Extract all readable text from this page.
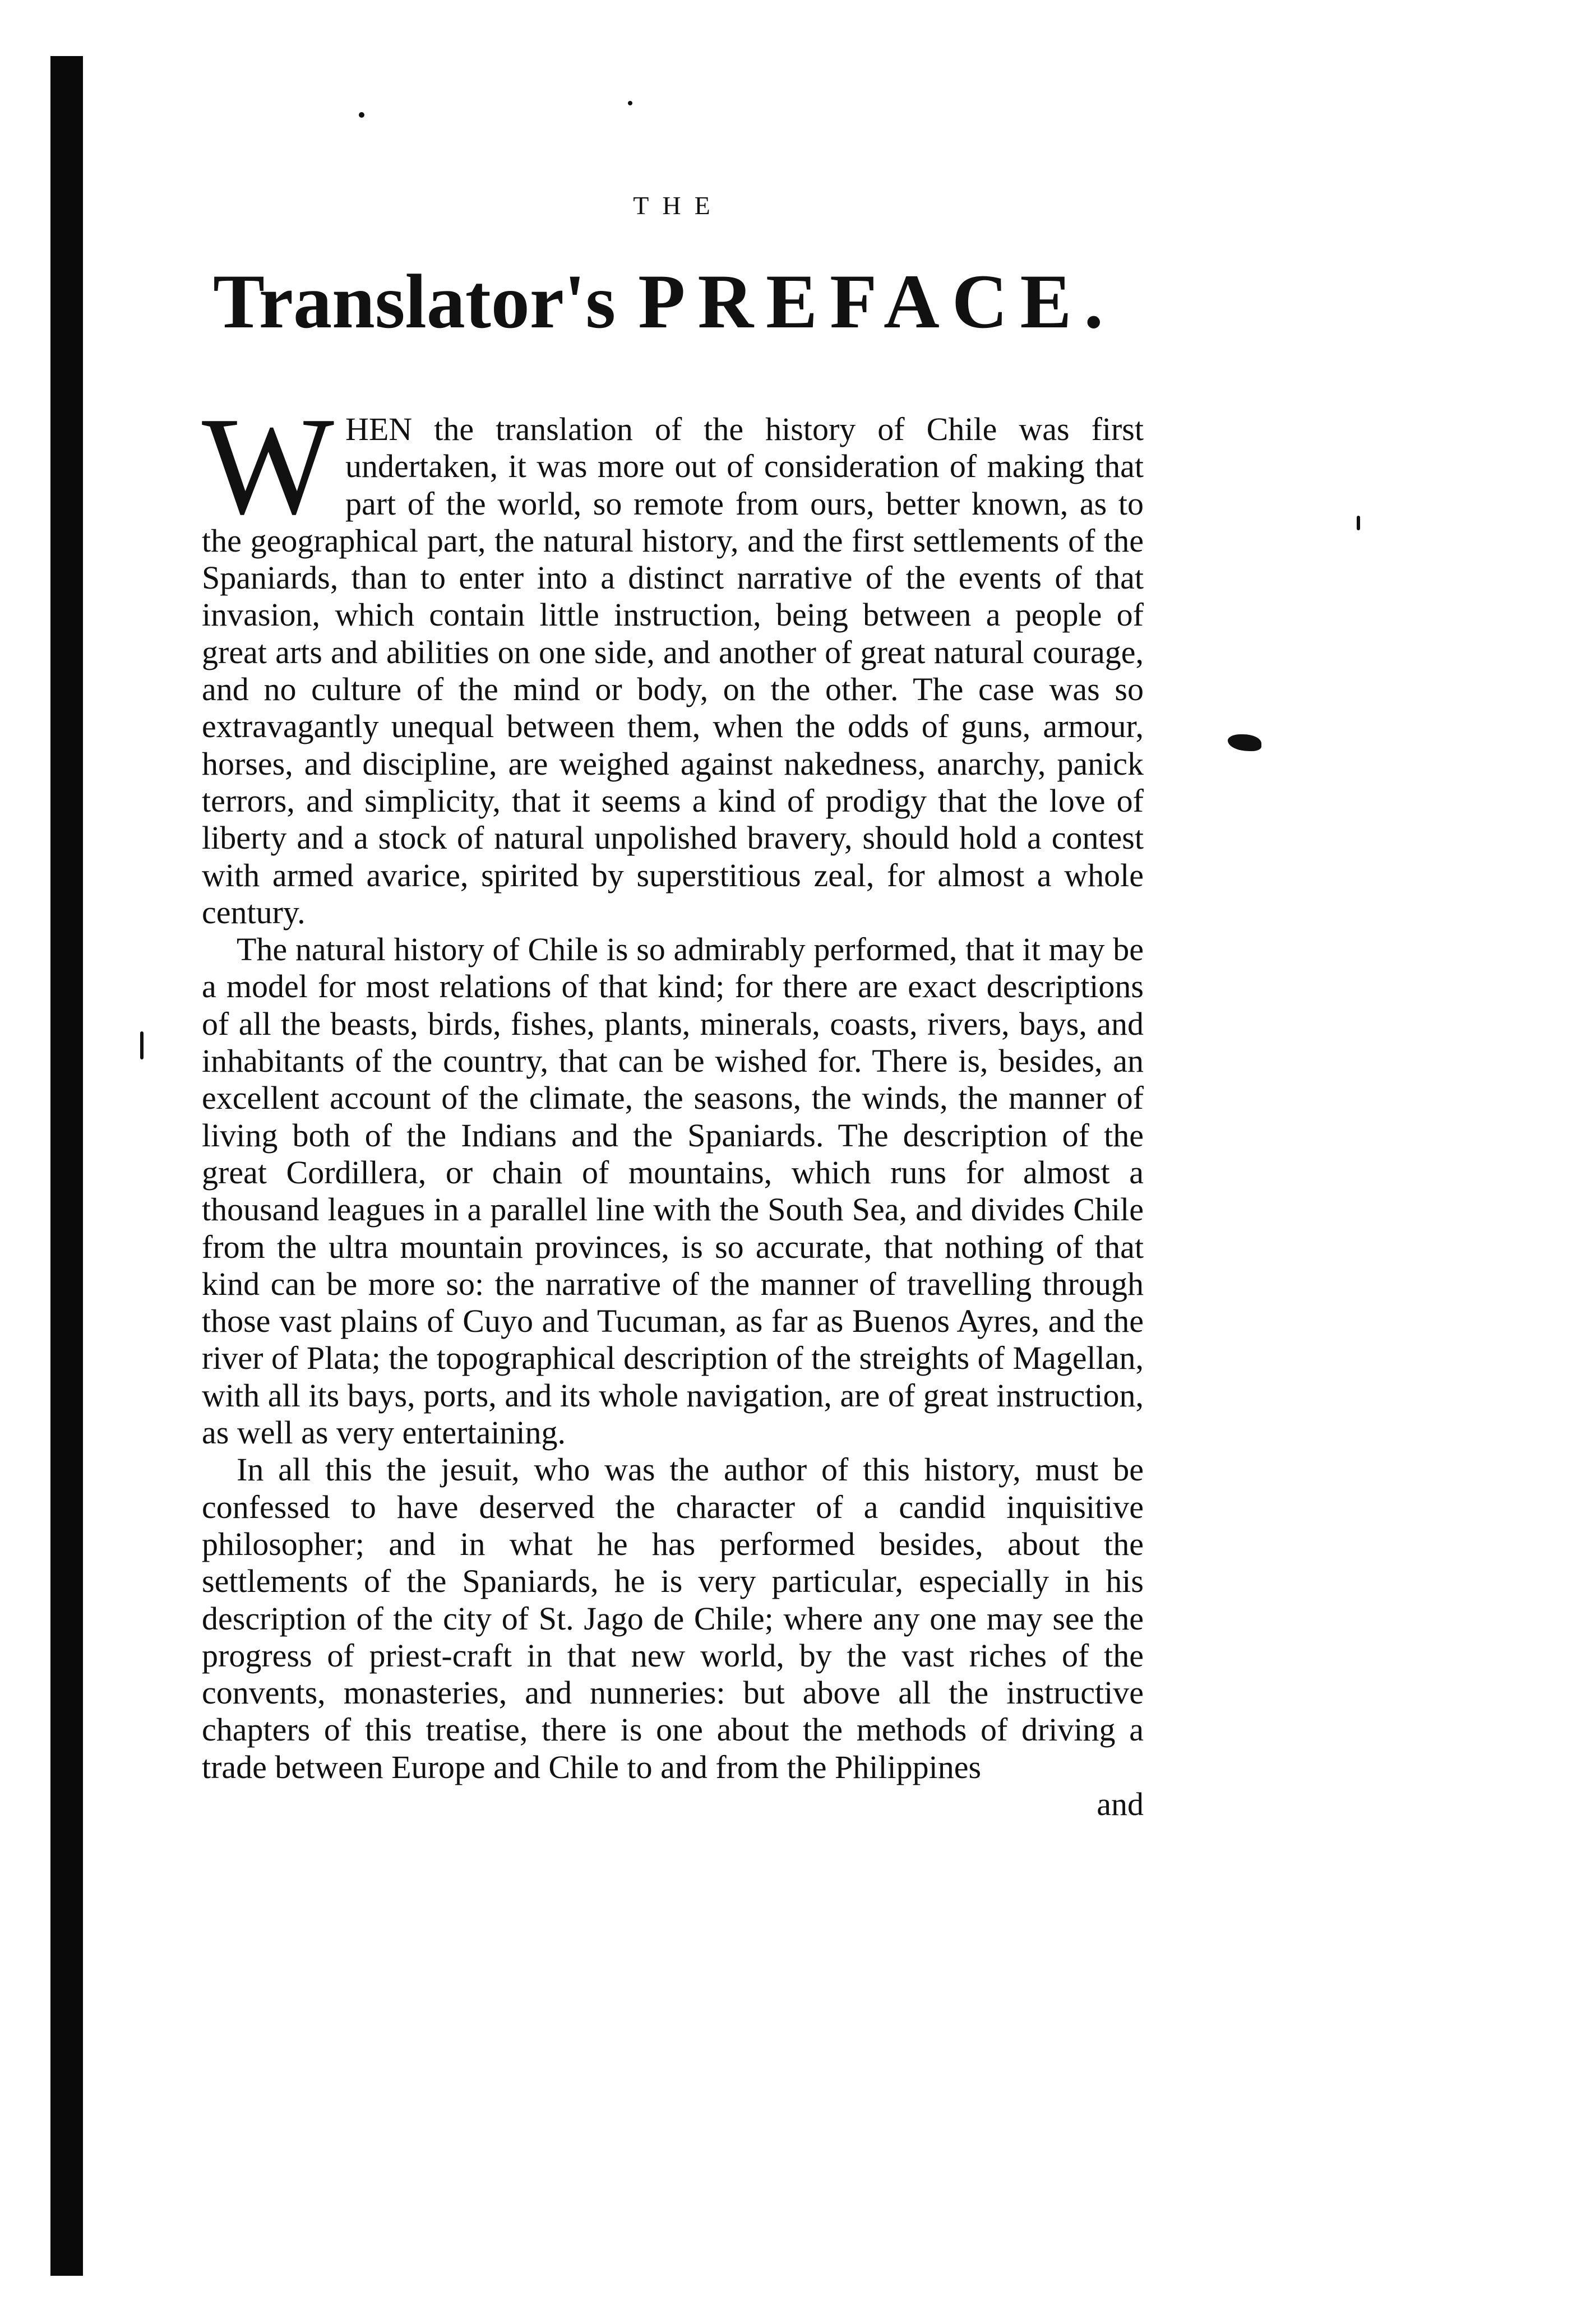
THE
Translator's PREFACE.

WHEN the translation of the history of Chile was first undertaken, it was more out of consideration of making that part of the world, so remote from ours, better known, as to the geographical part, the natural history, and the first settlements of the Spaniards, than to enter into a distinct narrative of the events of that invasion, which contain little instruction, being between a people of great arts and abilities on one side, and another of great natural courage, and no culture of the mind or body, on the other. The case was so extravagantly unequal between them, when the odds of guns, armour, horses, and discipline, are weighed against nakedness, anarchy, panick terrors, and simplicity, that it seems a kind of prodigy that the love of liberty and a stock of natural unpolished bravery, should hold a contest with armed avarice, spirited by superstitious zeal, for almost a whole century.

The natural history of Chile is so admirably performed, that it may be a model for most relations of that kind; for there are exact descriptions of all the beasts, birds, fishes, plants, minerals, coasts, rivers, bays, and inhabitants of the country, that can be wished for. There is, besides, an excellent account of the climate, the seasons, the winds, the manner of living both of the Indians and the Spaniards. The description of the great Cordillera, or chain of mountains, which runs for almost a thousand leagues in a parallel line with the South Sea, and divides Chile from the ultra mountain provinces, is so accurate, that nothing of that kind can be more so: the narrative of the manner of travelling through those vast plains of Cuyo and Tucuman, as far as Buenos Ayres, and the river of Plata; the topographical description of the streights of Magellan, with all its bays, ports, and its whole navigation, are of great instruction, as well as very entertaining.

In all this the jesuit, who was the author of this history, must be confessed to have deserved the character of a candid inquisitive philosopher; and in what he has performed besides, about the settlements of the Spaniards, he is very particular, especially in his description of the city of St. Jago de Chile; where any one may see the progress of priest-craft in that new world, by the vast riches of the convents, monasteries, and nunneries: but above all the instructive chapters of this treatise, there is one about the methods of driving a trade between Europe and Chile to and from the Philippines

and
